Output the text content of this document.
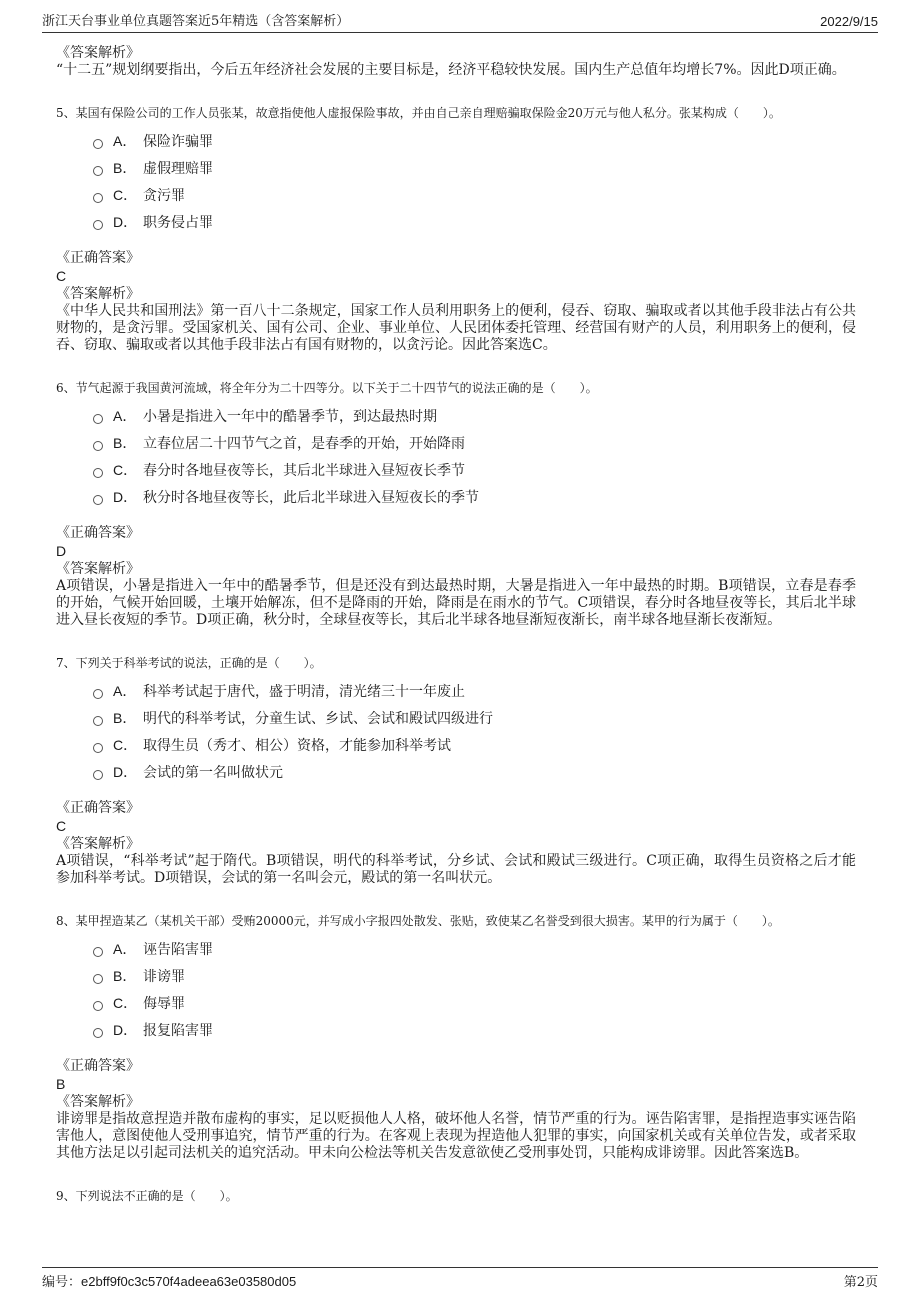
浙江天台事业单位真题答案近5年精选（含答案解析）	2022/9/15
《答案解析》
“十二五”规划纲要指出，今后五年经济社会发展的主要目标是，经济平稳较快发展。国内生产总值年均增长7%。因此D项正确。
5、某国有保险公司的工作人员张某，故意指使他人虚报保险事故，并由自己亲自理赔骗取保险金20万元与他人私分。张某构成（　　）。
A． 保险诈骗罪
B． 虚假理赔罪
C． 贪污罪
D． 职务侵占罪
《正确答案》
C
《答案解析》
《中华人民共和国刑法》第一百八十二条规定，国家工作人员利用职务上的便利，侵吞、窃取、骗取或者以其他手段非法占有公共财物的，是贪污罪。受国家机关、国有公司、企业、事业单位、人民团体委托管理、经营国有财产的人员，利用职务上的便利，侵吞、窃取、骗取或者以其他手段非法占有国有财物的，以贪污论。因此答案选C。
6、节气起源于我国黄河流域，将全年分为二十四等分。以下关于二十四节气的说法正确的是（　　）。
A． 小暑是指进入一年中的酷暑季节，到达最热时期
B． 立春位居二十四节气之首，是春季的开始，开始降雨
C． 春分时各地昼夜等长，其后北半球进入昼短夜长季节
D． 秋分时各地昼夜等长，此后北半球进入昼短夜长的季节
《正确答案》
D
《答案解析》
A项错误，小暑是指进入一年中的酷暑季节，但是还没有到达最热时期，大暑是指进入一年中最热的时期。B项错误，立春是春季的开始，气候开始回暖，土壤开始解冻，但不是降雨的开始，降雨是在雨水的节气。C项错误，春分时各地昼夜等长，其后北半球进入昼长夜短的季节。D项正确，秋分时，全球昼夜等长，其后北半球各地昼渐短夜渐长，南半球各地昼渐长夜渐短。
7、下列关于科举考试的说法，正确的是（　　）。
A． 科举考试起于唐代，盛于明清，清光绪三十一年废止
B． 明代的科举考试，分童生试、乡试、会试和殿试四级进行
C． 取得生员（秀才、相公）资格，才能参加科举考试
D． 会试的第一名叫做状元
《正确答案》
C
《答案解析》
A项错误，“科举考试”起于隋代。B项错误，明代的科举考试，分乡试、会试和殿试三级进行。C项正确，取得生员资格之后才能参加科举考试。D项错误，会试的第一名叫会元，殿试的第一名叫状元。
8、某甲捏造某乙（某机关干部）受贿20000元，并写成小字报四处散发、张贴，致使某乙名誉受到很大损害。某甲的行为属于（　　）。
A． 诬告陷害罪
B． 诽谤罪
C． 侮辱罪
D． 报复陷害罪
《正确答案》
B
《答案解析》
诽谤罪是指故意捏造并散布虚构的事实，足以贬损他人人格，破坏他人名誉，情节严重的行为。诬告陷害罪，是指捏造事实诬告陷害他人，意图使他人受刑事追究，情节严重的行为。在客观上表现为捏造他人犯罪的事实，向国家机关或有关单位告发，或者采取其他方法足以引起司法机关的追究活动。甲未向公检法等机关告发意欲使乙受刑事处罚，只能构成诽谤罪。因此答案选B。
9、下列说法不正确的是（　　）。
编号：e2bff9f0c3c570f4adeea63e03580d05	第2页
